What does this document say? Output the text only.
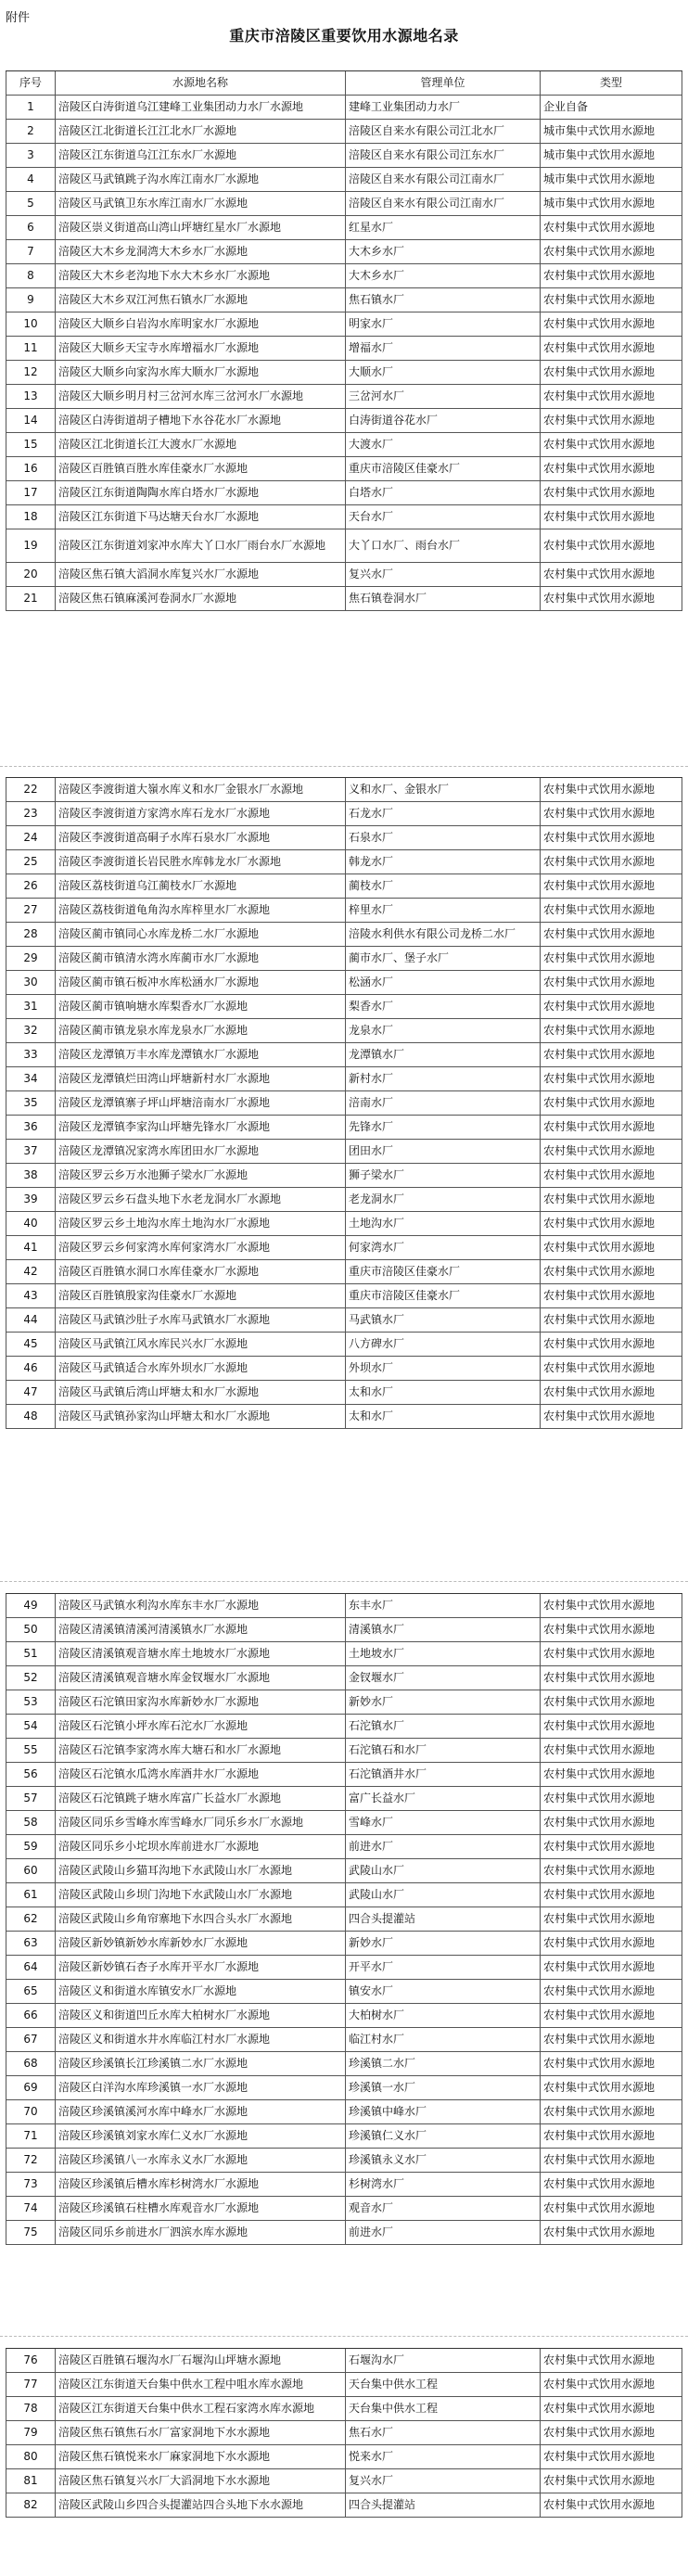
附件
重庆市涪陵区重要饮用水源地名录
序号	水源地名称	管理单位	类型
1	涪陵区白涛街道乌江建峰工业集团动力水厂水源地	建峰工业集团动力水厂	企业自备
2	涪陵区江北街道长江江北水厂水源地	涪陵区自来水有限公司江北水厂	城市集中式饮用水源地
3	涪陵区江东街道乌江江东水厂水源地	涪陵区自来水有限公司江东水厂	城市集中式饮用水源地
4	涪陵区马武镇跳子沟水库江南水厂水源地	涪陵区自来水有限公司江南水厂	城市集中式饮用水源地
5	涪陵区马武镇卫东水库江南水厂水源地	涪陵区自来水有限公司江南水厂	城市集中式饮用水源地
6	涪陵区崇义街道高山湾山坪塘红星水厂水源地	红星水厂	农村集中式饮用水源地
7	涪陵区大木乡龙洞湾大木乡水厂水源地	大木乡水厂	农村集中式饮用水源地
8	涪陵区大木乡老沟地下水大木乡水厂水源地	大木乡水厂	农村集中式饮用水源地
9	涪陵区大木乡双江河焦石镇水厂水源地	焦石镇水厂	农村集中式饮用水源地
10	涪陵区大顺乡白岩沟水库明家水厂水源地	明家水厂	农村集中式饮用水源地
11	涪陵区大顺乡天宝寺水库增福水厂水源地	增福水厂	农村集中式饮用水源地
12	涪陵区大顺乡向家沟水库大顺水厂水源地	大顺水厂	农村集中式饮用水源地
13	涪陵区大顺乡明月村三岔河水库三岔河水厂水源地	三岔河水厂	农村集中式饮用水源地
14	涪陵区白涛街道胡子槽地下水谷花水厂水源地	白涛街道谷花水厂	农村集中式饮用水源地
15	涪陵区江北街道长江大渡水厂水源地	大渡水厂	农村集中式饮用水源地
16	涪陵区百胜镇百胜水库佳豪水厂水源地	重庆市涪陵区佳豪水厂	农村集中式饮用水源地
17	涪陵区江东街道陶陶水库白塔水厂水源地	白塔水厂	农村集中式饮用水源地
18	涪陵区江东街道下马达塘天台水厂水源地	天台水厂	农村集中式饮用水源地
19	涪陵区江东街道刘家冲水库大丫口水厂雨台水厂水源地	大丫口水厂、雨台水厂	农村集中式饮用水源地
20	涪陵区焦石镇大滔洞水库复兴水厂水源地	复兴水厂	农村集中式饮用水源地
21	涪陵区焦石镇麻溪河卷洞水厂水源地	焦石镇卷洞水厂	农村集中式饮用水源地
22	涪陵区李渡街道大嶺水库义和水厂金银水厂水源地	义和水厂、金银水厂	农村集中式饮用水源地
23	涪陵区李渡街道方家湾水库石龙水厂水源地	石龙水厂	农村集中式饮用水源地
24	涪陵区李渡街道高硐子水库石泉水厂水源地	石泉水厂	农村集中式饮用水源地
25	涪陵区李渡街道长岩民胜水库韩龙水厂水源地	韩龙水厂	农村集中式饮用水源地
26	涪陵区荔枝街道乌江蔺枝水厂水源地	蔺枝水厂	农村集中式饮用水源地
27	涪陵区荔枝街道龟角沟水库梓里水厂水源地	梓里水厂	农村集中式饮用水源地
28	涪陵区蔺市镇同心水库龙桥二水厂水源地	涪陵水利供水有限公司龙桥二水厂	农村集中式饮用水源地
29	涪陵区蔺市镇清水湾水库蔺市水厂水源地	蔺市水厂、堡子水厂	农村集中式饮用水源地
30	涪陵区蔺市镇石板冲水库松涵水厂水源地	松涵水厂	农村集中式饮用水源地
31	涪陵区蔺市镇响塘水库梨香水厂水源地	梨香水厂	农村集中式饮用水源地
32	涪陵区蔺市镇龙泉水库龙泉水厂水源地	龙泉水厂	农村集中式饮用水源地
33	涪陵区龙潭镇万丰水库龙潭镇水厂水源地	龙潭镇水厂	农村集中式饮用水源地
34	涪陵区龙潭镇烂田湾山坪塘新村水厂水源地	新村水厂	农村集中式饮用水源地
35	涪陵区龙潭镇寨子坪山坪塘涪南水厂水源地	涪南水厂	农村集中式饮用水源地
36	涪陵区龙潭镇李家沟山坪塘先锋水厂水源地	先锋水厂	农村集中式饮用水源地
37	涪陵区龙潭镇况家湾水库团田水厂水源地	团田水厂	农村集中式饮用水源地
38	涪陵区罗云乡万水池狮子梁水厂水源地	狮子梁水厂	农村集中式饮用水源地
39	涪陵区罗云乡石盘头地下水老龙洞水厂水源地	老龙洞水厂	农村集中式饮用水源地
40	涪陵区罗云乡土地沟水库土地沟水厂水源地	土地沟水厂	农村集中式饮用水源地
41	涪陵区罗云乡何家湾水库何家湾水厂水源地	何家湾水厂	农村集中式饮用水源地
42	涪陵区百胜镇水洞口水库佳豪水厂水源地	重庆市涪陵区佳豪水厂	农村集中式饮用水源地
43	涪陵区百胜镇殷家沟佳豪水厂水源地	重庆市涪陵区佳豪水厂	农村集中式饮用水源地
44	涪陵区马武镇沙肚子水库马武镇水厂水源地	马武镇水厂	农村集中式饮用水源地
45	涪陵区马武镇江风水库民兴水厂水源地	八方碑水厂	农村集中式饮用水源地
46	涪陵区马武镇适合水库外坝水厂水源地	外坝水厂	农村集中式饮用水源地
47	涪陵区马武镇后湾山坪塘太和水厂水源地	太和水厂	农村集中式饮用水源地
48	涪陵区马武镇孙家沟山坪塘太和水厂水源地	太和水厂	农村集中式饮用水源地
49	涪陵区马武镇水利沟水库东丰水厂水源地	东丰水厂	农村集中式饮用水源地
50	涪陵区清溪镇清溪河清溪镇水厂水源地	清溪镇水厂	农村集中式饮用水源地
51	涪陵区清溪镇观音塘水库土地坡水厂水源地	土地坡水厂	农村集中式饮用水源地
52	涪陵区清溪镇观音塘水库金钗堰水厂水源地	金钗堰水厂	农村集中式饮用水源地
53	涪陵区石沱镇田家沟水库新妙水厂水源地	新妙水厂	农村集中式饮用水源地
54	涪陵区石沱镇小坪水库石沱水厂水源地	石沱镇水厂	农村集中式饮用水源地
55	涪陵区石沱镇李家湾水库大塘石和水厂水源地	石沱镇石和水厂	农村集中式饮用水源地
56	涪陵区石沱镇水瓜湾水库酒井水厂水源地	石沱镇酒井水厂	农村集中式饮用水源地
57	涪陵区石沱镇跳子塘水库富广长益水厂水源地	富广长益水厂	农村集中式饮用水源地
58	涪陵区同乐乡雪峰水库雪峰水厂同乐乡水厂水源地	雪峰水厂	农村集中式饮用水源地
59	涪陵区同乐乡小坨坝水库前进水厂水源地	前进水厂	农村集中式饮用水源地
60	涪陵区武陵山乡猫耳沟地下水武陵山水厂水源地	武陵山水厂	农村集中式饮用水源地
61	涪陵区武陵山乡坝门沟地下水武陵山水厂水源地	武陵山水厂	农村集中式饮用水源地
62	涪陵区武陵山乡角帘寨地下水四合头水厂水源地	四合头提灌站	农村集中式饮用水源地
63	涪陵区新妙镇新妙水库新妙水厂水源地	新妙水厂	农村集中式饮用水源地
64	涪陵区新妙镇石杏子水库开平水厂水源地	开平水厂	农村集中式饮用水源地
65	涪陵区义和街道水库镇安水厂水源地	镇安水厂	农村集中式饮用水源地
66	涪陵区义和街道凹丘水库大柏树水厂水源地	大柏树水厂	农村集中式饮用水源地
67	涪陵区义和街道水井水库临江村水厂水源地	临江村水厂	农村集中式饮用水源地
68	涪陵区珍溪镇长江珍溪镇二水厂水源地	珍溪镇二水厂	农村集中式饮用水源地
69	涪陵区白洋沟水库珍溪镇一水厂水源地	珍溪镇一水厂	农村集中式饮用水源地
70	涪陵区珍溪镇溪河水库中峰水厂水源地	珍溪镇中峰水厂	农村集中式饮用水源地
71	涪陵区珍溪镇刘家水库仁义水厂水源地	珍溪镇仁义水厂	农村集中式饮用水源地
72	涪陵区珍溪镇八一水库永义水厂水源地	珍溪镇永义水厂	农村集中式饮用水源地
73	涪陵区珍溪镇后槽水库杉树湾水厂水源地	杉树湾水厂	农村集中式饮用水源地
74	涪陵区珍溪镇石柱槽水库观音水厂水源地	观音水厂	农村集中式饮用水源地
75	涪陵区同乐乡前进水厂泗滨水库水源地	前进水厂	农村集中式饮用水源地
76	涪陵区百胜镇石堰沟水厂石堰沟山坪塘水源地	石堰沟水厂	农村集中式饮用水源地
77	涪陵区江东街道天台集中供水工程中咀水库水源地	天台集中供水工程	农村集中式饮用水源地
78	涪陵区江东街道天台集中供水工程石家湾水库水源地	天台集中供水工程	农村集中式饮用水源地
79	涪陵区焦石镇焦石水厂富家洞地下水水源地	焦石水厂	农村集中式饮用水源地
80	涪陵区焦石镇悦来水厂麻家洞地下水水源地	悦来水厂	农村集中式饮用水源地
81	涪陵区焦石镇复兴水厂大滔洞地下水水源地	复兴水厂	农村集中式饮用水源地
82	涪陵区武陵山乡四合头提灌站四合头地下水水源地	四合头提灌站	农村集中式饮用水源地
